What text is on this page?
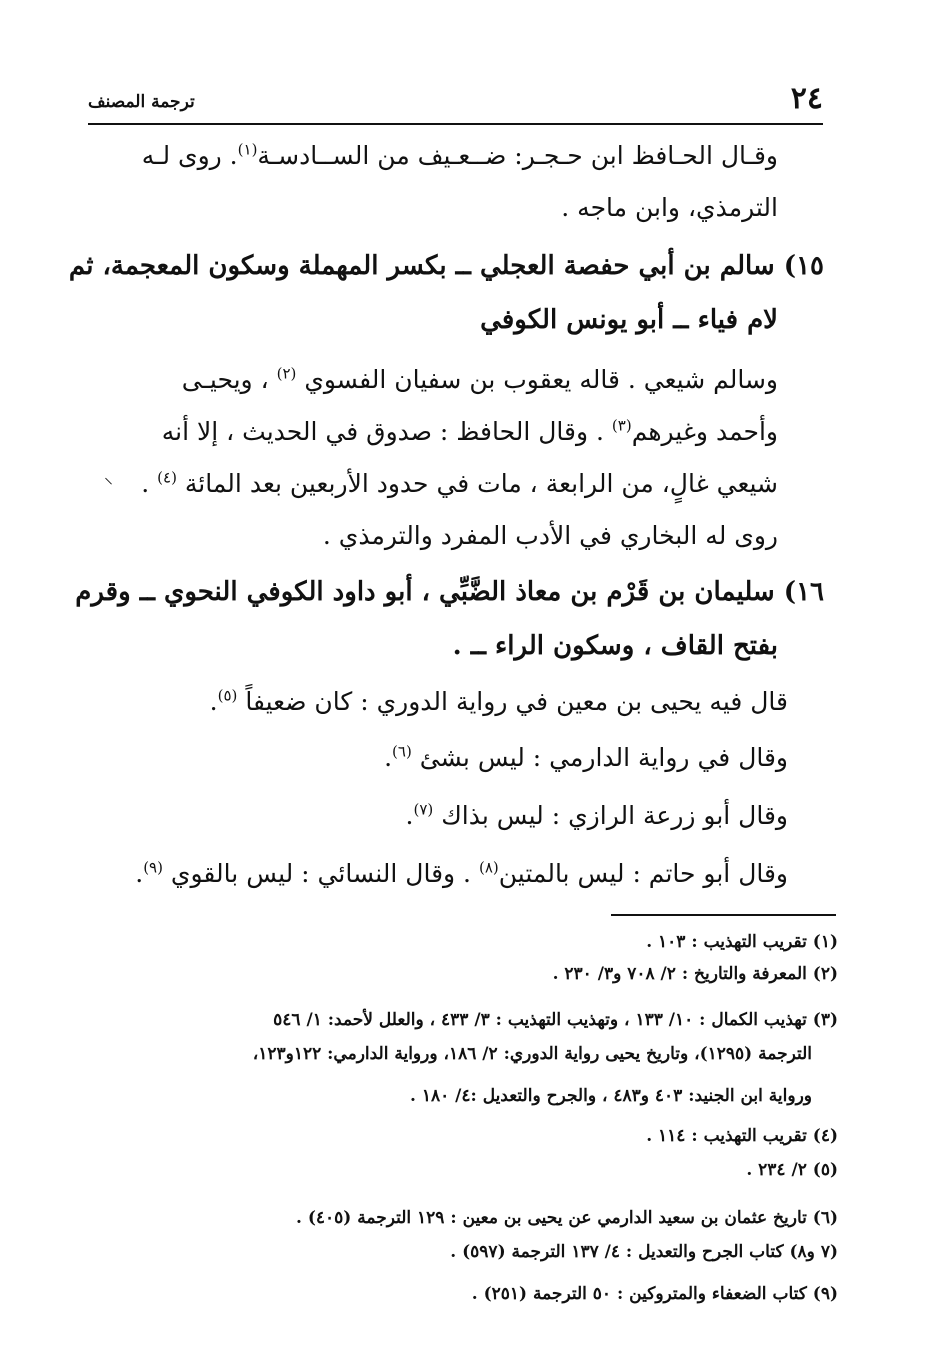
٢٤
ترجمة المصنف
وقـال الحـافظ ابن حـجـر: ضــعـيف من الســادسـة$^{(١)}$. روى لـه
الترمذي، وابن ماجه .
١٥) سالم بن أبي حفصة العجلي ــ بكسر المهملة وسكون المعجمة، ثم
لام فياء ــ أبو يونس الكوفي
وسالم شيعي . قاله يعقوب بن سفيان الفسوي $^{(٢)}$ ، ويحيـى
وأحمد وغيرهم$^{(٣)}$ . وقال الحافظ : صدوق في الحديث ، إلا أنه
شيعي غالٍ، من الرابعة ، مات في حدود الأربعين بعد المائة $^{(٤)}$ .
روى له البخاري في الأدب المفرد والترمذي .
⸝
١٦) سليمان بن قَرْم بن معاذ الضَّبِّي ، أبو داود الكوفي النحوي ــ وقرم
بفتح القاف ، وسكون الراء ــ .
قال فيه يحيى بن معين في رواية الدوري : كان ضعيفاً $^{(٥)}$.
وقال في رواية الدارمي : ليس بشئ $^{(٦)}$.
وقال أبو زرعة الرازي : ليس بذاك $^{(٧)}$.
وقال أبو حاتم : ليس بالمتين$^{(٨)}$ . وقال النسائي : ليس بالقوي $^{(٩)}$.
(١) تقريب التهذيب : ١٠٣ .
(٢) المعرفة والتاريخ : ٢/ ٧٠٨ و٣/ ٢٣٠ .
(٣) تهذيب الكمال : ١٠/ ١٣٣ ، وتهذيب التهذيب : ٣/ ٤٣٣ ، والعلل لأحمد: ١/ ٥٤٦
الترجمة (١٢٩٥)، وتاريخ يحيى رواية الدوري: ٢/ ١٨٦، ورواية الدارمي: ١٢٢و١٢٣،
ورواية ابن الجنيد: ٤٠٣ و٤٨٣ ، والجرح والتعديل :٤/ ١٨٠ .
(٤) تقريب التهذيب : ١١٤ .
(٥) ٢/ ٢٣٤ .
(٦) تاريخ عثمان بن سعيد الدارمي عن يحيى بن معين : ١٢٩ الترجمة (٤٠٥) .
(٧ و٨) كتاب الجرح والتعديل : ٤/ ١٣٧ الترجمة (٥٩٧) .
(٩) كتاب الضعفاء والمتروكين : ٥٠ الترجمة (٢٥١) .
